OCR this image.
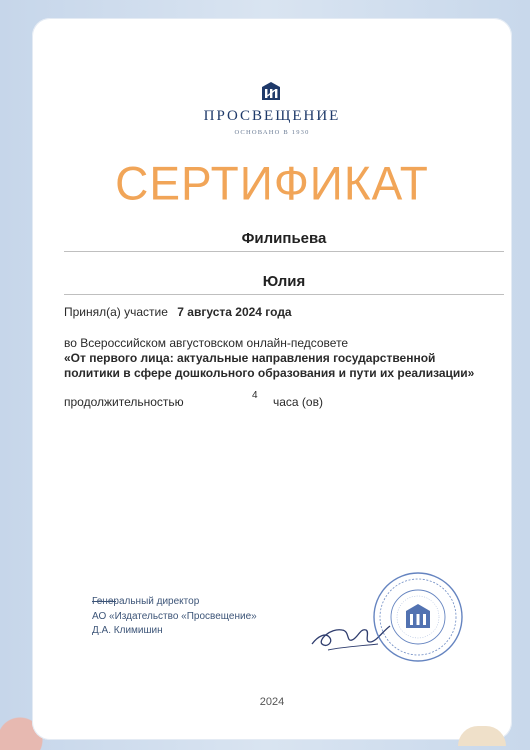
ПРОСВЕЩЕНИЕ
ОСНОВАНО В 1930
СЕРТИФИКАТ
Филипьева
Юлия
Принял(а) участие 7 августа 2024 года
во Всероссийском августовском онлайн-педсовете
«От первого лица: актуальные направления государственной
политики в сфере дошкольного образования и пути их реализации»
продолжительностью	4 часа (ов)
Генеральный директор
АО «Издательство «Просвещение»
Д.А. Климишин
2024
